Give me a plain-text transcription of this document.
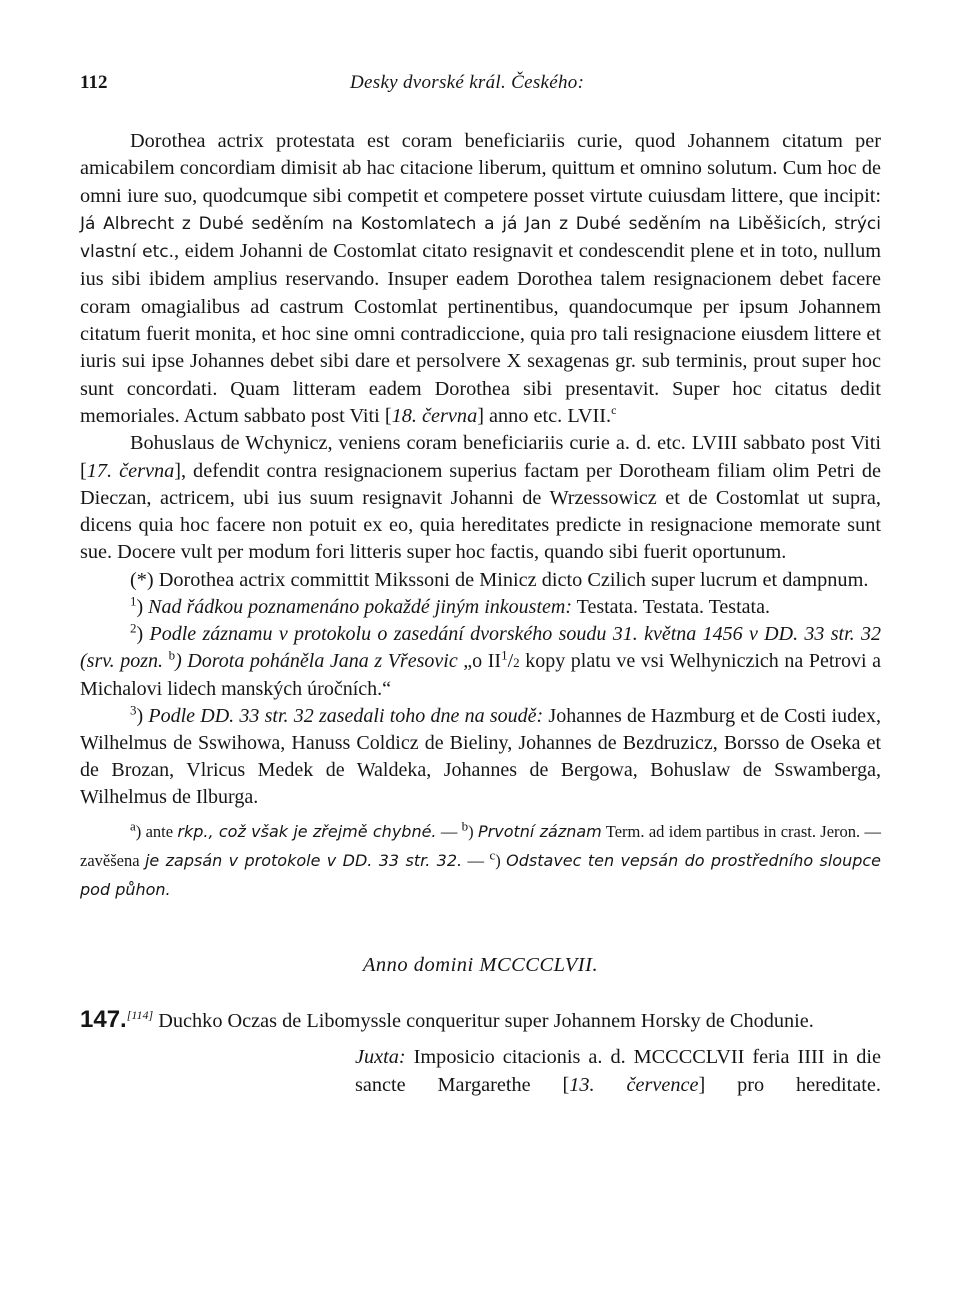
112	Desky dvorské král. Českého:

Dorothea actrix protestata est coram beneficiariis curie, quod Johannem citatum per amicabilem concordiam dimisit ab hac citacione liberum, quittum et omnino solutum. Cum hoc de omni iure suo, quodcumque sibi competit et competere posset virtute cuiusdam littere, que incipit: Já Albrecht z Dubé seděním na Kostomlatech a já Jan z Dubé seděním na Liběšicích, strýci vlastní etc., eidem Johanni de Costomlat citato resignavit et condescendit plene et in toto, nullum ius sibi ibidem amplius reservando. Insuper eadem Dorothea talem resignacionem debet facere coram omagialibus ad castrum Costomlat pertinentibus, quandocumque per ipsum Johannem citatum fuerit monita, et hoc sine omni contradiccione, quia pro tali resignacione eiusdem littere et iuris sui ipse Johannes debet sibi dare et persolvere X sexagenas gr. sub terminis, prout super hoc sunt concordati. Quam litteram eadem Dorothea sibi presentavit. Super hoc citatus dedit memoriales. Actum sabbato post Viti [18. června] anno etc. LVII.$^c$

Bohuslaus de Wchynicz, veniens coram beneficiariis curie a. d. etc. LVIII sabbato post Viti [17. června], defendit contra resignacionem superius factam per Dorotheam filiam olim Petri de Dieczan, actricem, ubi ius suum resignavit Johanni de Wrzessowicz et de Costomlat ut supra, dicens quia hoc facere non potuit ex eo, quia hereditates predicte in resignacione memorate sunt sue. Docere vult per modum fori litteris super hoc factis, quando sibi fuerit oportunum.

(*) Dorothea actrix committit Mikssoni de Minicz dicto Czilich super lucrum et dampnum.

$^1$) Nad řádkou poznamenáno pokaždé jiným inkoustem: Testata. Testata. Testata.

$^2$) Podle záznamu v protokolu o zasedání dvorského soudu 31. května 1456 v DD. 33 str. 32 (srv. pozn. $^b$) Dorota poháněla Jana z Vřesovic „o II$^1$/2 kopy platu ve vsi Welhyniczich na Petrovi a Michalovi lidech manských úročních.“

$^3$) Podle DD. 33 str. 32 zasedali toho dne na soudě: Johannes de Hazmburg et de Costi iudex, Wilhelmus de Sswihowa, Hanuss Coldicz de Bieliny, Johannes de Bezdruzicz, Borsso de Oseka et de Brozan, Vlricus Medek de Waldeka, Johannes de Bergowa, Bohuslaw de Sswamberga, Wilhelmus de Ilburga.

$^a$) ante rkp., což však je zřejmě chybné. — $^b$) Prvotní záznam Term. ad idem partibus in crast. Jeron. — zavěšena je zapsán v protokole v DD. 33 str. 32. — $^c$) Odstavec ten vepsán do prostředního sloupce pod půhon.

Anno domini MCCCCLVII.
147.[114] Duchko Oczas de Libomyssle conqueritur super Johannem Horsky de Chodunie.
Juxta: Imposicio citacionis a. d. MCCCCLVII feria IIII in die sancte Margarethe [13. července] pro hereditate.
